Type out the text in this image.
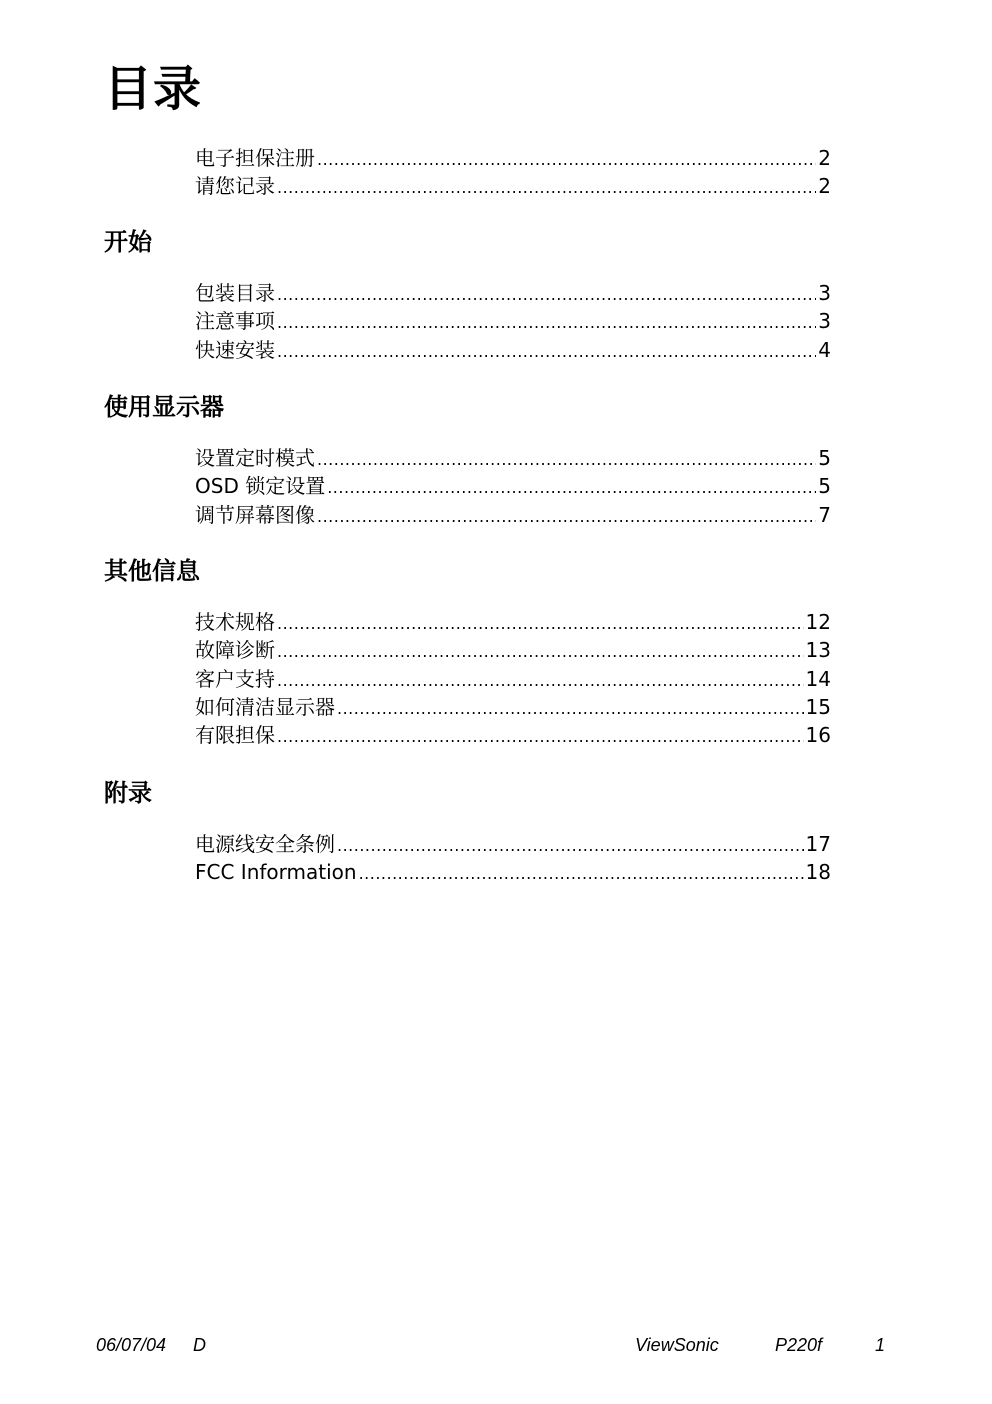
目录
电子担保注册 .....	2
请您记录 .....	2
开始
包装目录 .....	3
注意事项 .....	3
快速安装 .....	4
使用显示器
设置定时模式 .....	5
OSD 锁定设置 .....	5
调节屏幕图像 .....	7
其他信息
技术规格 .....	12
故障诊断 .....	13
客户支持 .....	14
如何清洁显示器 .....	15
有限担保 .....	16
附录
电源线安全条例 .....	17
FCC Information .....	18
06/07/04 D	ViewSonic	P220f	1
